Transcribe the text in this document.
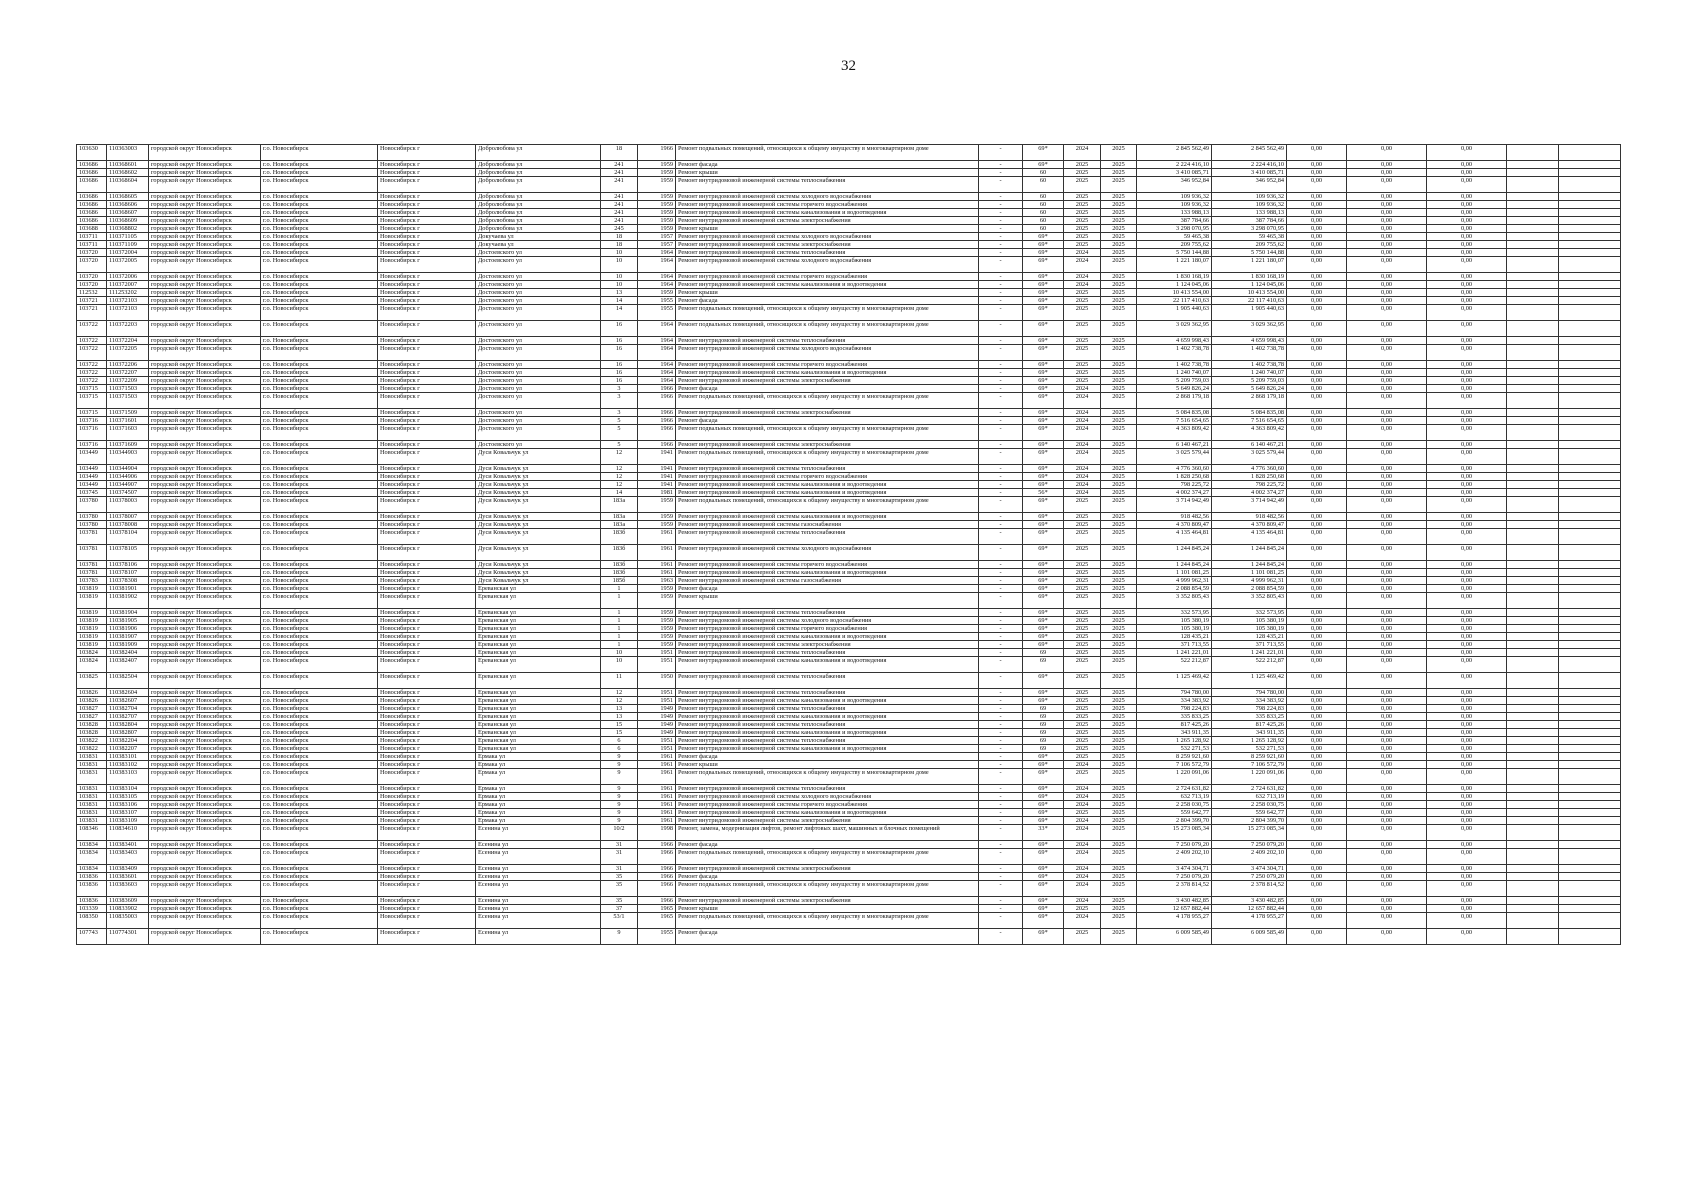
32
103630	110363003	городской округ Новосибирск	г.о. Новосибирск	Новосибирск г	Добролюбова ул	18	1966	Ремонт подвальных помещений, относящихся к общему имуществу в многоквартирном доме	-	69*	2024	2025	2 845 562,49	2 845 562,49	0,00	0,00	0,00		
103686	110368601	городской округ Новосибирск	г.о. Новосибирск	Новосибирск г	Добролюбова ул	241	1959	Ремонт фасада	-	69*	2025	2025	2 224 416,10	2 224 416,10	0,00	0,00	0,00		
103686	110368602	городской округ Новосибирск	г.о. Новосибирск	Новосибирск г	Добролюбова ул	241	1959	Ремонт крыши	-	60	2025	2025	3 410 085,71	3 410 085,71	0,00	0,00	0,00		
103686	110368604	городской округ Новосибирск	г.о. Новосибирск	Новосибирск г	Добролюбова ул	241	1959	Ремонт внутридомовой инженерной системы теплоснабжения	-	60	2025	2025	346 952,84	346 952,84	0,00	0,00	0,00		
103686	110368605	городской округ Новосибирск	г.о. Новосибирск	Новосибирск г	Добролюбова ул	241	1959	Ремонт внутридомовой инженерной системы холодного водоснабжения	-	60	2025	2025	109 936,32	109 936,32	0,00	0,00	0,00		
103686	110368606	городской округ Новосибирск	г.о. Новосибирск	Новосибирск г	Добролюбова ул	241	1959	Ремонт внутридомовой инженерной системы горячего водоснабжения	-	60	2025	2025	109 936,32	109 936,32	0,00	0,00	0,00		
103686	110368607	городской округ Новосибирск	г.о. Новосибирск	Новосибирск г	Добролюбова ул	241	1959	Ремонт внутридомовой инженерной системы канализования и водоотведения	-	60	2025	2025	133 988,13	133 988,13	0,00	0,00	0,00		
103686	110368609	городской округ Новосибирск	г.о. Новосибирск	Новосибирск г	Добролюбова ул	241	1959	Ремонт внутридомовой инженерной системы электроснабжения	-	60	2025	2025	387 784,66	387 784,66	0,00	0,00	0,00		
103688	110368802	городской округ Новосибирск	г.о. Новосибирск	Новосибирск г	Добролюбова ул	245	1959	Ремонт крыши	-	60	2025	2025	3 298 070,95	3 298 070,95	0,00	0,00	0,00		
103711	110371105	городской округ Новосибирск	г.о. Новосибирск	Новосибирск г	Докучаева ул	18	1957	Ремонт внутридомовой инженерной системы холодного водоснабжения	-	69*	2025	2025	59 465,38	59 465,38	0,00	0,00	0,00		
103711	110371109	городской округ Новосибирск	г.о. Новосибирск	Новосибирск г	Докучаева ул	18	1957	Ремонт внутридомовой инженерной системы электроснабжения	-	69*	2025	2025	209 755,62	209 755,62	0,00	0,00	0,00		
103720	110372004	городской округ Новосибирск	г.о. Новосибирск	Новосибирск г	Достоевского ул	10	1964	Ремонт внутридомовой инженерной системы теплоснабжения	-	69*	2024	2025	5 750 144,88	5 750 144,88	0,00	0,00	0,00		
103720	110372005	городской округ Новосибирск	г.о. Новосибирск	Новосибирск г	Достоевского ул	10	1964	Ремонт внутридомовой инженерной системы холодного водоснабжения	-	69*	2024	2025	1 221 180,07	1 221 180,07	0,00	0,00	0,00		
103720	110372006	городской округ Новосибирск	г.о. Новосибирск	Новосибирск г	Достоевского ул	10	1964	Ремонт внутридомовой инженерной системы горячего водоснабжения	-	69*	2024	2025	1 830 168,19	1 830 168,19	0,00	0,00	0,00		
103720	110372007	городской округ Новосибирск	г.о. Новосибирск	Новосибирск г	Достоевского ул	10	1964	Ремонт внутридомовой инженерной системы канализования и водоотведения	-	69*	2024	2025	1 124 045,06	1 124 045,06	0,00	0,00	0,00		
112532	111253202	городской округ Новосибирск	г.о. Новосибирск	Новосибирск г	Достоевского ул	13	1959	Ремонт крыши	-	69*	2025	2025	10 413 554,00	10 413 554,00	0,00	0,00	0,00		
103721	110372103	городской округ Новосибирск	г.о. Новосибирск	Новосибирск г	Достоевского ул	14	1955	Ремонт фасада	-	69*	2025	2025	22 117 410,63	22 117 410,63	0,00	0,00	0,00		
103721	110372103	городской округ Новосибирск	г.о. Новосибирск	Новосибирск г	Достоевского ул	14	1955	Ремонт подвальных помещений, относящихся к общему имуществу в многоквартирном доме	-	69*	2025	2025	1 905 440,63	1 905 440,63	0,00	0,00	0,00		
103722	110372203	городской округ Новосибирск	г.о. Новосибирск	Новосибирск г	Достоевского ул	16	1964	Ремонт подвальных помещений, относящихся к общему имуществу в многоквартирном доме	-	69*	2025	2025	3 029 362,95	3 029 362,95	0,00	0,00	0,00		
103722	110372204	городской округ Новосибирск	г.о. Новосибирск	Новосибирск г	Достоевского ул	16	1964	Ремонт внутридомовой инженерной системы теплоснабжения	-	69*	2025	2025	4 659 998,43	4 659 998,43	0,00	0,00	0,00		
103722	110372205	городской округ Новосибирск	г.о. Новосибирск	Новосибирск г	Достоевского ул	16	1964	Ремонт внутридомовой инженерной системы холодного водоснабжения	-	69*	2025	2025	1 402 738,78	1 402 738,78	0,00	0,00	0,00		
103722	110372206	городской округ Новосибирск	г.о. Новосибирск	Новосибирск г	Достоевского ул	16	1964	Ремонт внутридомовой инженерной системы горячего водоснабжения	-	69*	2025	2025	1 402 738,78	1 402 738,78	0,00	0,00	0,00		
103722	110372207	городской округ Новосибирск	г.о. Новосибирск	Новосибирск г	Достоевского ул	16	1964	Ремонт внутридомовой инженерной системы канализования и водоотведения	-	69*	2025	2025	1 240 740,07	1 240 740,07	0,00	0,00	0,00		
103722	110372209	городской округ Новосибирск	г.о. Новосибирск	Новосибирск г	Достоевского ул	16	1964	Ремонт внутридомовой инженерной системы электроснабжения	-	69*	2025	2025	5 209 759,03	5 209 759,03	0,00	0,00	0,00		
103715	110371503	городской округ Новосибирск	г.о. Новосибирск	Новосибирск г	Достоевского ул	3	1966	Ремонт фасада	-	69*	2024	2025	5 649 826,24	5 649 826,24	0,00	0,00	0,00		
103715	110371503	городской округ Новосибирск	г.о. Новосибирск	Новосибирск г	Достоевского ул	3	1966	Ремонт подвальных помещений, относящихся к общему имуществу в многоквартирном доме	-	69*	2024	2025	2 868 179,18	2 868 179,18	0,00	0,00	0,00		
103715	110371509	городской округ Новосибирск	г.о. Новосибирск	Новосибирск г	Достоевского ул	3	1966	Ремонт внутридомовой инженерной системы электроснабжения	-	69*	2024	2025	5 084 835,08	5 084 835,08	0,00	0,00	0,00		
103716	110371601	городской округ Новосибирск	г.о. Новосибирск	Новосибирск г	Достоевского ул	5	1966	Ремонт фасада	-	69*	2024	2025	7 516 654,65	7 516 654,65	0,00	0,00	0,00		
103716	110371603	городской округ Новосибирск	г.о. Новосибирск	Новосибирск г	Достоевского ул	5	1966	Ремонт подвальных помещений, относящихся к общему имуществу в многоквартирном доме	-	69*	2024	2025	4 363 809,42	4 363 809,42	0,00	0,00	0,00		
103716	110371609	городской округ Новосибирск	г.о. Новосибирск	Новосибирск г	Достоевского ул	5	1966	Ремонт внутридомовой инженерной системы электроснабжения	-	69*	2024	2025	6 140 467,21	6 140 467,21	0,00	0,00	0,00		
103449	110344903	городской округ Новосибирск	г.о. Новосибирск	Новосибирск г	Дуси Ковальчук ул	12	1941	Ремонт подвальных помещений, относящихся к общему имуществу в многоквартирном доме	-	69*	2024	2025	3 025 579,44	3 025 579,44	0,00	0,00	0,00		
103449	110344904	городской округ Новосибирск	г.о. Новосибирск	Новосибирск г	Дуси Ковальчук ул	12	1941	Ремонт внутридомовой инженерной системы теплоснабжения	-	69*	2024	2025	4 776 360,60	4 776 360,60	0,00	0,00	0,00		
103449	110344906	городской округ Новосибирск	г.о. Новосибирск	Новосибирск г	Дуси Ковальчук ул	12	1941	Ремонт внутридомовой инженерной системы горячего водоснабжения	-	69*	2024	2025	1 828 250,68	1 828 250,68	0,00	0,00	0,00		
103449	110344907	городской округ Новосибирск	г.о. Новосибирск	Новосибирск г	Дуси Ковальчук ул	12	1941	Ремонт внутридомовой инженерной системы канализования и водоотведения	-	69*	2024	2025	798 225,72	798 225,72	0,00	0,00	0,00		
103745	110374507	городской округ Новосибирск	г.о. Новосибирск	Новосибирск г	Дуси Ковальчук ул	14	1981	Ремонт внутридомовой инженерной системы канализования и водоотведения	-	56*	2024	2025	4 002 374,27	4 002 374,27	0,00	0,00	0,00		
103780	110378003	городской округ Новосибирск	г.о. Новосибирск	Новосибирск г	Дуси Ковальчук ул	183а	1959	Ремонт подвальных помещений, относящихся к общему имуществу в многоквартирном доме	-	69*	2025	2025	3 714 942,49	3 714 942,49	0,00	0,00	0,00		
103780	110378007	городской округ Новосибирск	г.о. Новосибирск	Новосибирск г	Дуси Ковальчук ул	183а	1959	Ремонт внутридомовой инженерной системы канализования и водоотведения	-	69*	2025	2025	918 482,56	918 482,56	0,00	0,00	0,00		
103780	110378008	городской округ Новосибирск	г.о. Новосибирск	Новосибирск г	Дуси Ковальчук ул	183а	1959	Ремонт внутридомовой инженерной системы газоснабжения	-	69*	2025	2025	4 370 809,47	4 370 809,47	0,00	0,00	0,00		
103781	110378104	городской округ Новосибирск	г.о. Новосибирск	Новосибирск г	Дуси Ковальчук ул	183б	1961	Ремонт внутридомовой инженерной системы теплоснабжения	-	69*	2025	2025	4 135 464,81	4 135 464,81	0,00	0,00	0,00		
103781	110378105	городской округ Новосибирск	г.о. Новосибирск	Новосибирск г	Дуси Ковальчук ул	183б	1961	Ремонт внутридомовой инженерной системы холодного водоснабжения	-	69*	2025	2025	1 244 845,24	1 244 845,24	0,00	0,00	0,00		
103781	110378106	городской округ Новосибирск	г.о. Новосибирск	Новосибирск г	Дуси Ковальчук ул	183б	1961	Ремонт внутридомовой инженерной системы горячего водоснабжения	-	69*	2025	2025	1 244 845,24	1 244 845,24	0,00	0,00	0,00		
103781	110378107	городской округ Новосибирск	г.о. Новосибирск	Новосибирск г	Дуси Ковальчук ул	183б	1961	Ремонт внутридомовой инженерной системы канализования и водоотведения	-	69*	2025	2025	1 101 081,25	1 101 081,25	0,00	0,00	0,00		
103783	110378308	городской округ Новосибирск	г.о. Новосибирск	Новосибирск г	Дуси Ковальчук ул	185б	1963	Ремонт внутридомовой инженерной системы газоснабжения	-	69*	2025	2025	4 999 962,31	4 999 962,31	0,00	0,00	0,00		
103819	110381901	городской округ Новосибирск	г.о. Новосибирск	Новосибирск г	Ереванская ул	1	1959	Ремонт фасада	-	69*	2025	2025	2 088 854,59	2 088 854,59	0,00	0,00	0,00		
103819	110381902	городской округ Новосибирск	г.о. Новосибирск	Новосибирск г	Ереванская ул	1	1959	Ремонт крыши	-	69*	2025	2025	3 352 805,43	3 352 805,43	0,00	0,00	0,00		
103819	110381904	городской округ Новосибирск	г.о. Новосибирск	Новосибирск г	Ереванская ул	1	1959	Ремонт внутридомовой инженерной системы теплоснабжения	-	69*	2025	2025	332 573,95	332 573,95	0,00	0,00	0,00		
103819	110381905	городской округ Новосибирск	г.о. Новосибирск	Новосибирск г	Ереванская ул	1	1959	Ремонт внутридомовой инженерной системы холодного водоснабжения	-	69*	2025	2025	105 380,19	105 380,19	0,00	0,00	0,00		
103819	110381906	городской округ Новосибирск	г.о. Новосибирск	Новосибирск г	Ереванская ул	1	1959	Ремонт внутридомовой инженерной системы горячего водоснабжения	-	69*	2025	2025	105 380,19	105 380,19	0,00	0,00	0,00		
103819	110381907	городской округ Новосибирск	г.о. Новосибирск	Новосибирск г	Ереванская ул	1	1959	Ремонт внутридомовой инженерной системы канализования и водоотведения	-	69*	2025	2025	128 435,21	128 435,21	0,00	0,00	0,00		
103819	110381909	городской округ Новосибирск	г.о. Новосибирск	Новосибирск г	Ереванская ул	1	1959	Ремонт внутридомовой инженерной системы электроснабжения	-	69*	2025	2025	371 713,55	371 713,55	0,00	0,00	0,00		
103824	110382404	городской округ Новосибирск	г.о. Новосибирск	Новосибирск г	Ереванская ул	10	1951	Ремонт внутридомовой инженерной системы теплоснабжения	-	69	2025	2025	1 241 221,01	1 241 221,01	0,00	0,00	0,00		
103824	110382407	городской округ Новосибирск	г.о. Новосибирск	Новосибирск г	Ереванская ул	10	1951	Ремонт внутридомовой инженерной системы канализования и водоотведения	-	69	2025	2025	522 212,87	522 212,87	0,00	0,00	0,00		
103825	110382504	городской округ Новосибирск	г.о. Новосибирск	Новосибирск г	Ереванская ул	11	1950	Ремонт внутридомовой инженерной системы теплоснабжения	-	69*	2025	2025	1 125 469,42	1 125 469,42	0,00	0,00	0,00		
103826	110382604	городской округ Новосибирск	г.о. Новосибирск	Новосибирск г	Ереванская ул	12	1951	Ремонт внутридомовой инженерной системы теплоснабжения	-	69*	2025	2025	794 780,00	794 780,00	0,00	0,00	0,00		
103826	110382607	городской округ Новосибирск	г.о. Новосибирск	Новосибирск г	Ереванская ул	12	1951	Ремонт внутридомовой инженерной системы канализования и водоотведения	-	69*	2025	2025	334 383,92	334 383,92	0,00	0,00	0,00		
103827	110382704	городской округ Новосибирск	г.о. Новосибирск	Новосибирск г	Ереванская ул	13	1949	Ремонт внутридомовой инженерной системы теплоснабжения	-	69	2025	2025	798 224,83	798 224,83	0,00	0,00	0,00		
103827	110382707	городской округ Новосибирск	г.о. Новосибирск	Новосибирск г	Ереванская ул	13	1949	Ремонт внутридомовой инженерной системы канализования и водоотведения	-	69	2025	2025	335 833,25	335 833,25	0,00	0,00	0,00		
103828	110382804	городской округ Новосибирск	г.о. Новосибирск	Новосибирск г	Ереванская ул	15	1949	Ремонт внутридомовой инженерной системы теплоснабжения	-	69	2025	2025	817 425,26	817 425,26	0,00	0,00	0,00		
103828	110382807	городской округ Новосибирск	г.о. Новосибирск	Новосибирск г	Ереванская ул	15	1949	Ремонт внутридомовой инженерной системы канализования и водоотведения	-	69	2025	2025	343 911,35	343 911,35	0,00	0,00	0,00		
103822	110382204	городской округ Новосибирск	г.о. Новосибирск	Новосибирск г	Ереванская ул	6	1951	Ремонт внутридомовой инженерной системы теплоснабжения	-	69	2025	2025	1 265 128,92	1 265 128,92	0,00	0,00	0,00		
103822	110382207	городской округ Новосибирск	г.о. Новосибирск	Новосибирск г	Ереванская ул	6	1951	Ремонт внутридомовой инженерной системы канализования и водоотведения	-	69	2025	2025	532 271,53	532 271,53	0,00	0,00	0,00		
103831	110383101	городской округ Новосибирск	г.о. Новосибирск	Новосибирск г	Ермака ул	9	1961	Ремонт фасада	-	69*	2025	2025	8 259 921,60	8 259 921,60	0,00	0,00	0,00		
103831	110383102	городской округ Новосибирск	г.о. Новосибирск	Новосибирск г	Ермака ул	9	1961	Ремонт крыши	-	69*	2024	2025	7 106 572,79	7 106 572,79	0,00	0,00	0,00		
103831	110383103	городской округ Новосибирск	г.о. Новосибирск	Новосибирск г	Ермака ул	9	1961	Ремонт подвальных помещений, относящихся к общему имуществу в многоквартирном доме	-	69*	2025	2025	1 220 091,06	1 220 091,06	0,00	0,00	0,00		
103831	110383104	городской округ Новосибирск	г.о. Новосибирск	Новосибирск г	Ермака ул	9	1961	Ремонт внутридомовой инженерной системы теплоснабжения	-	69*	2024	2025	2 724 631,82	2 724 631,82	0,00	0,00	0,00		
103831	110383105	городской округ Новосибирск	г.о. Новосибирск	Новосибирск г	Ермака ул	9	1961	Ремонт внутридомовой инженерной системы холодного водоснабжения	-	69*	2024	2025	632 713,19	632 713,19	0,00	0,00	0,00		
103831	110383106	городской округ Новосибирск	г.о. Новосибирск	Новосибирск г	Ермака ул	9	1961	Ремонт внутридомовой инженерной системы горячего водоснабжения	-	69*	2024	2025	2 258 030,75	2 258 030,75	0,00	0,00	0,00		
103831	110383107	городской округ Новосибирск	г.о. Новосибирск	Новосибирск г	Ермака ул	9	1961	Ремонт внутридомовой инженерной системы канализования и водоотведения	-	69*	2025	2025	559 642,77	559 642,77	0,00	0,00	0,00		
103831	110383109	городской округ Новосибирск	г.о. Новосибирск	Новосибирск г	Ермака ул	9	1961	Ремонт внутридомовой инженерной системы электроснабжения	-	69*	2024	2025	2 804 399,70	2 804 399,70	0,00	0,00	0,00		
108346	110834610	городской округ Новосибирск	г.о. Новосибирск	Новосибирск г	Есенина ул	10/2	1998	Ремонт, замена, модернизация лифтов, ремонт лифтовых шахт, машинных и блочных помещений	-	33*	2024	2025	15 273 085,34	15 273 085,34	0,00	0,00	0,00		
103834	110383401	городской округ Новосибирск	г.о. Новосибирск	Новосибирск г	Есенина ул	31	1966	Ремонт фасада	-	69*	2024	2025	7 250 079,20	7 250 079,20	0,00	0,00	0,00		
103834	110383403	городской округ Новосибирск	г.о. Новосибирск	Новосибирск г	Есенина ул	31	1966	Ремонт подвальных помещений, относящихся к общему имуществу в многоквартирном доме	-	69*	2024	2025	2 409 202,10	2 409 202,10	0,00	0,00	0,00		
103834	110383409	городской округ Новосибирск	г.о. Новосибирск	Новосибирск г	Есенина ул	31	1966	Ремонт внутридомовой инженерной системы электроснабжения	-	69*	2024	2025	3 474 304,71	3 474 304,71	0,00	0,00	0,00		
103836	110383601	городской округ Новосибирск	г.о. Новосибирск	Новосибирск г	Есенина ул	35	1966	Ремонт фасада	-	69*	2024	2025	7 250 079,20	7 250 079,20	0,00	0,00	0,00		
103836	110383603	городской округ Новосибирск	г.о. Новосибирск	Новосибирск г	Есенина ул	35	1966	Ремонт подвальных помещений, относящихся к общему имуществу в многоквартирном доме	-	69*	2024	2025	2 378 814,52	2 378 814,52	0,00	0,00	0,00		
103836	110383609	городской округ Новосибирск	г.о. Новосибирск	Новосибирск г	Есенина ул	35	1966	Ремонт внутридомовой инженерной системы электроснабжения	-	69*	2024	2025	3 430 482,85	3 430 482,85	0,00	0,00	0,00		
103339	110833902	городской округ Новосибирск	г.о. Новосибирск	Новосибирск г	Есенина ул	37	1965	Ремонт крыши	-	69*	2025	2025	12 657 882,44	12 657 882,44	0,00	0,00	0,00		
108350	110835003	городской округ Новосибирск	г.о. Новосибирск	Новосибирск г	Есенина ул	53/1	1965	Ремонт подвальных помещений, относящихся к общему имуществу в многоквартирном доме	-	69*	2024	2025	4 178 955,27	4 178 955,27	0,00	0,00	0,00		
107743	110774301	городской округ Новосибирск	г.о. Новосибирск	Новосибирск г	Есенина ул	9	1955	Ремонт фасада	-	69*	2025	2025	6 009 585,49	6 009 585,49	0,00	0,00	0,00		
